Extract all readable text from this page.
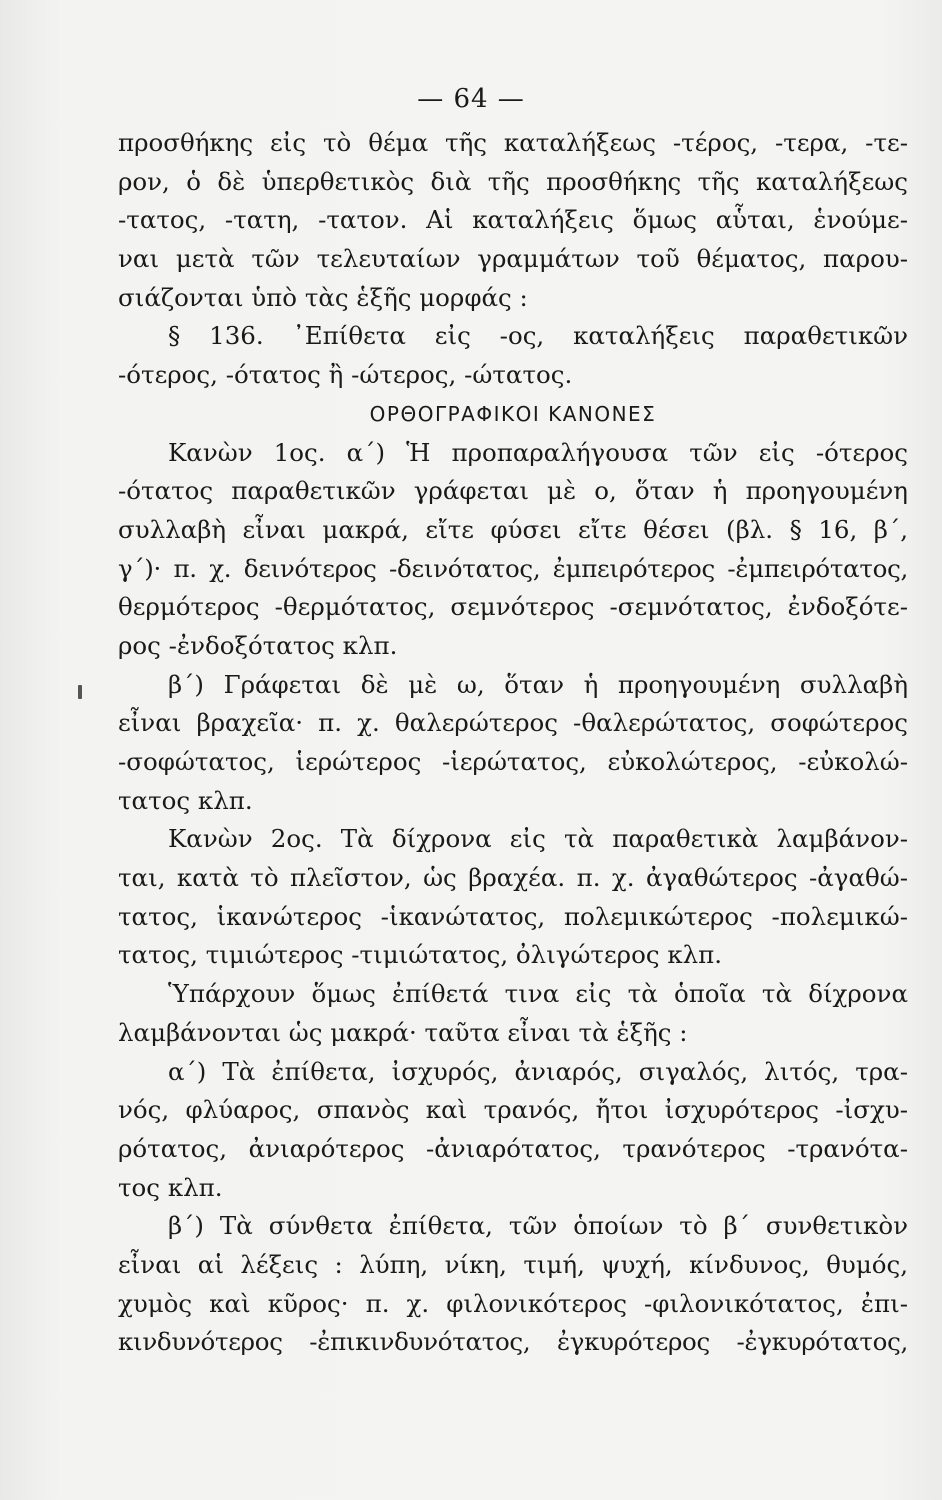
— 64 —
προσθήκης εἰς τὸ θέμα τῆς καταλήξεως -τέρος, -τερα, -τε-
ρον, ὁ δὲ ὑπερθετικὸς διὰ τῆς προσθήκης τῆς καταλήξεως
-τατος, -τατη, -τατον. Αἱ καταλήξεις ὅμως αὗται, ἑνούμε-
ναι μετὰ τῶν τελευταίων γραμμάτων τοῦ θέματος, παρου-
σιάζονται ὑπὸ τὰς ἑξῆς μορφάς :
§ 136. ᾿Επίθετα εἰς -ος, καταλήξεις παραθετικῶν
-ότερος, -ότατος ἢ -ώτερος, -ώτατος.
ΟΡΘΟΓΡΑΦΙΚΟΙ ΚΑΝΟΝΕΣ
Κανὼν 1ος. α΄) Ἡ προπαραλήγουσα τῶν εἰς -ότερος
-ότατος παραθετικῶν γράφεται μὲ ο, ὅταν ἡ προηγουμένη
συλλαβὴ εἶναι μακρά, εἴτε φύσει εἴτε θέσει (βλ. § 16, β΄,
γ΄)· π. χ. δεινότερος -δεινότατος, ἐμπειρότερος -ἐμπειρότατος,
θερμότερος -θερμότατος, σεμνότερος -σεμνότατος, ἐνδοξότε-
ρος -ἐνδοξότατος κλπ.
β΄) Γράφεται δὲ μὲ ω, ὅταν ἡ προηγουμένη συλλαβὴ
εἶναι βραχεῖα· π. χ. θαλερώτερος -θαλερώτατος, σοφώτερος
-σοφώτατος, ἱερώτερος -ἱερώτατος, εὐκολώτερος, -εὐκολώ-
τατος κλπ.
Κανὼν 2ος. Τὰ δίχρονα εἰς τὰ παραθετικὰ λαμβάνον-
ται, κατὰ τὸ πλεῖστον, ὡς βραχέα. π. χ. ἀγαθώτερος -ἀγαθώ-
τατος, ἱκανώτερος -ἱκανώτατος, πολεμικώτερος -πολεμικώ-
τατος, τιμιώτερος -τιμιώτατος, ὀλιγώτερος κλπ.
Ὑπάρχουν ὅμως ἐπίθετά τινα εἰς τὰ ὁποῖα τὰ δίχρονα
λαμβάνονται ὡς μακρά· ταῦτα εἶναι τὰ ἑξῆς :
α΄) Τὰ ἐπίθετα, ἰσχυρός, ἀνιαρός, σιγαλός, λιτός, τρα-
νός, φλύαρος, σπανὸς καὶ τρανός, ἤτοι ἰσχυρότερος -ἰσχυ-
ρότατος, ἀνιαρότερος -ἀνιαρότατος, τρανότερος -τρανότα-
τος κλπ.
β΄) Τὰ σύνθετα ἐπίθετα, τῶν ὁποίων τὸ β΄ συνθετικὸν
εἶναι αἱ λέξεις : λύπη, νίκη, τιμή, ψυχή, κίνδυνος, θυμός,
χυμὸς καὶ κῦρος· π. χ. φιλονικότερος -φιλονικότατος, ἐπι-
κινδυνότερος -ἐπικινδυνότατος, ἐγκυρότερος -ἐγκυρότατος,
